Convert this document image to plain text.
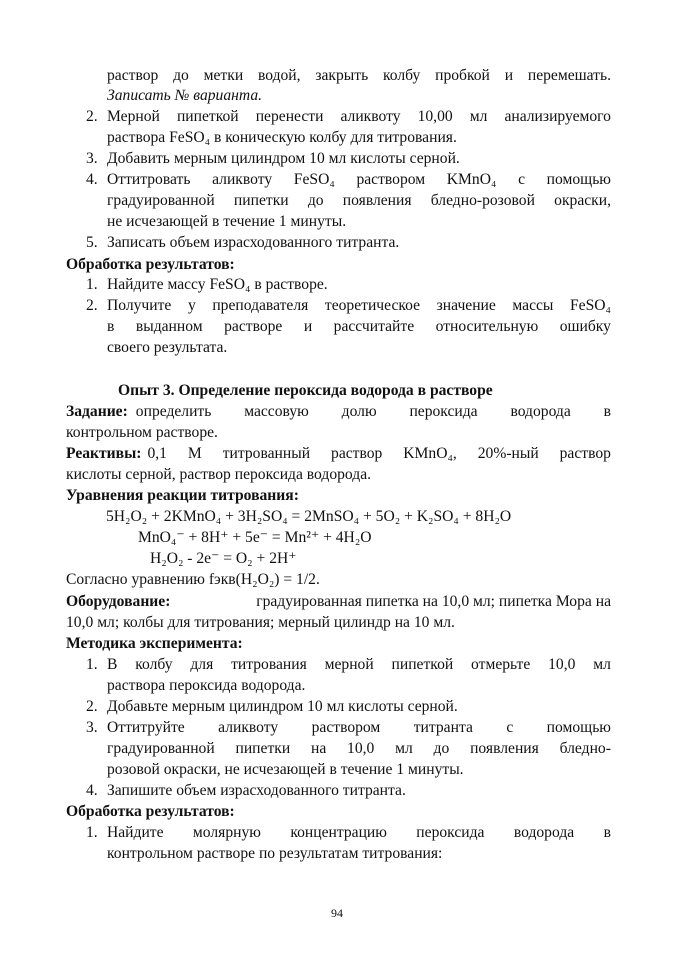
раствор до метки водой, закрыть колбу пробкой и перемешать.
Записать № варианта.
2. Мерной пипеткой перенести аликвоту 10,00 мл анализируемого
раствора FeSO₄ в коническую колбу для титрования.
3. Добавить мерным цилиндром 10 мл кислоты серной.
4. Оттитровать аликвоту FeSO₄ раствором KMnO₄ с помощью
градуированной пипетки до появления бледно-розовой окраски,
не исчезающей в течение 1 минуты.
5. Записать объем израсходованного титранта.
Обработка результатов:
1. Найдите массу FeSO₄ в растворе.
2. Получите у преподавателя теоретическое значение массы FeSO₄
в выданном растворе и рассчитайте относительную ошибку
своего результата.
Опыт 3. Определение пероксида водорода в растворе
Задание: определить массовую долю пероксида водорода в
контрольном растворе.
Реактивы: 0,1 М титрованный раствор KMnO₄, 20%-ный раствор
кислоты серной, раствор пероксида водорода.
Уравнения реакции титрования:
5H₂O₂ + 2KMnO₄ + 3H₂SO₄ = 2MnSO₄ + 5O₂ + K₂SO₄ + 8H₂O
MnO₄⁻ + 8H⁺ + 5e⁻ = Mn²⁺ + 4H₂O
H₂O₂ - 2e⁻ = O₂ + 2H⁺
Согласно уравнению fэкв(H₂O₂) = 1/2.
Оборудование:	градуированная пипетка на 10,0 мл; пипетка Мора на
10,0 мл; колбы для титрования; мерный цилиндр на 10 мл.
Методика эксперимента:
1. В колбу для титрования мерной пипеткой отмерьте 10,0 мл
раствора пероксида водорода.
2. Добавьте мерным цилиндром 10 мл кислоты серной.
3. Оттитруйте аликвоту раствором титранта с помощью
градуированной пипетки на 10,0 мл до появления бледно-
розовой окраски, не исчезающей в течение 1 минуты.
4. Запишите объем израсходованного титранта.
Обработка результатов:
1. Найдите молярную концентрацию пероксида водорода в
контрольном растворе по результатам титрования:
94
